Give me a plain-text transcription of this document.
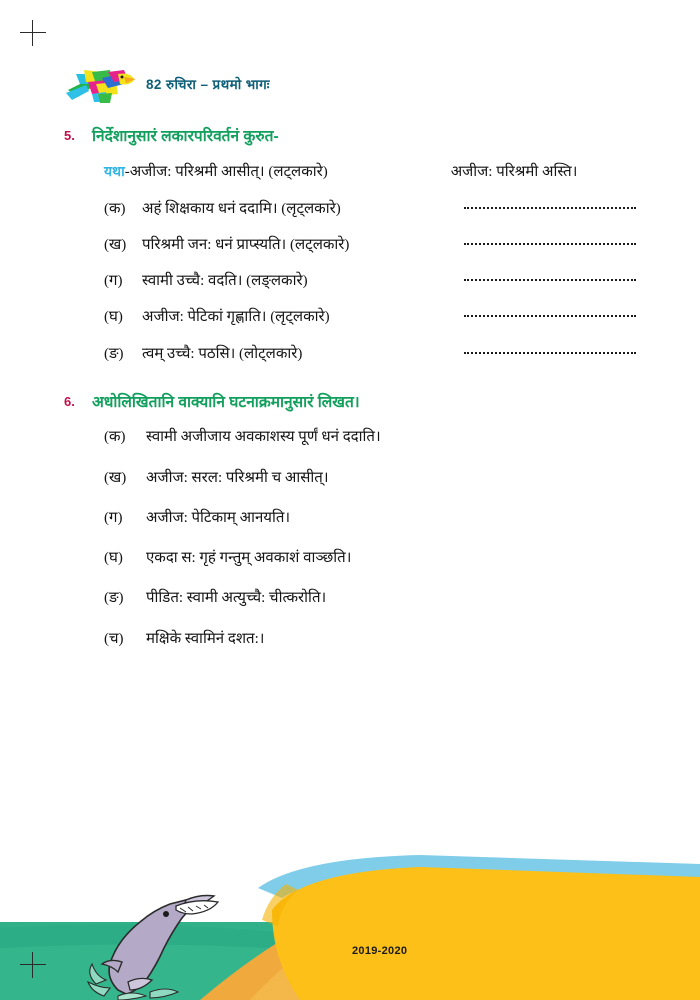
82 रुचिरा – प्रथमो भागः
5.	निर्देशानुसारं लकारपरिवर्तनं कुरुत-
यथा -अजीज: परिश्रमी आसीत्‌। (लट्लकारे)	अजीज: परिश्रमी अस्ति।
(क)	अहं शिक्षकाय धनं ददामि। (लृट्लकारे)
(ख)	परिश्रमी जन: धनं प्राप्स्यति। (लट्लकारे)
(ग)	स्वामी उच्चै: वदति। (लङ्लकारे)
(घ)	अजीज: पेटिकां गृह्णाति। (लृट्लकारे)
(ङ)	त्वम् उच्चै: पठसि। (लोट्लकारे)
6.	अधोलिखितानि वाक्यानि घटनाक्रमानुसारं लिखत।
(क)	स्वामी अजीजाय अवकाशस्य पूर्णं धनं ददाति।
(ख)	अजीज: सरल: परिश्रमी च आसीत्‌।
(ग)	अजीज: पेटिकाम् आनयति।
(घ)	एकदा स: गृहं गन्तुम् अवकाशं वाञ्छति।
(ङ)	पीडित: स्वामी अत्युच्चै: चीत्करोति।
(च)	मक्षिके स्वामिनं दशत:।
2019-2020
